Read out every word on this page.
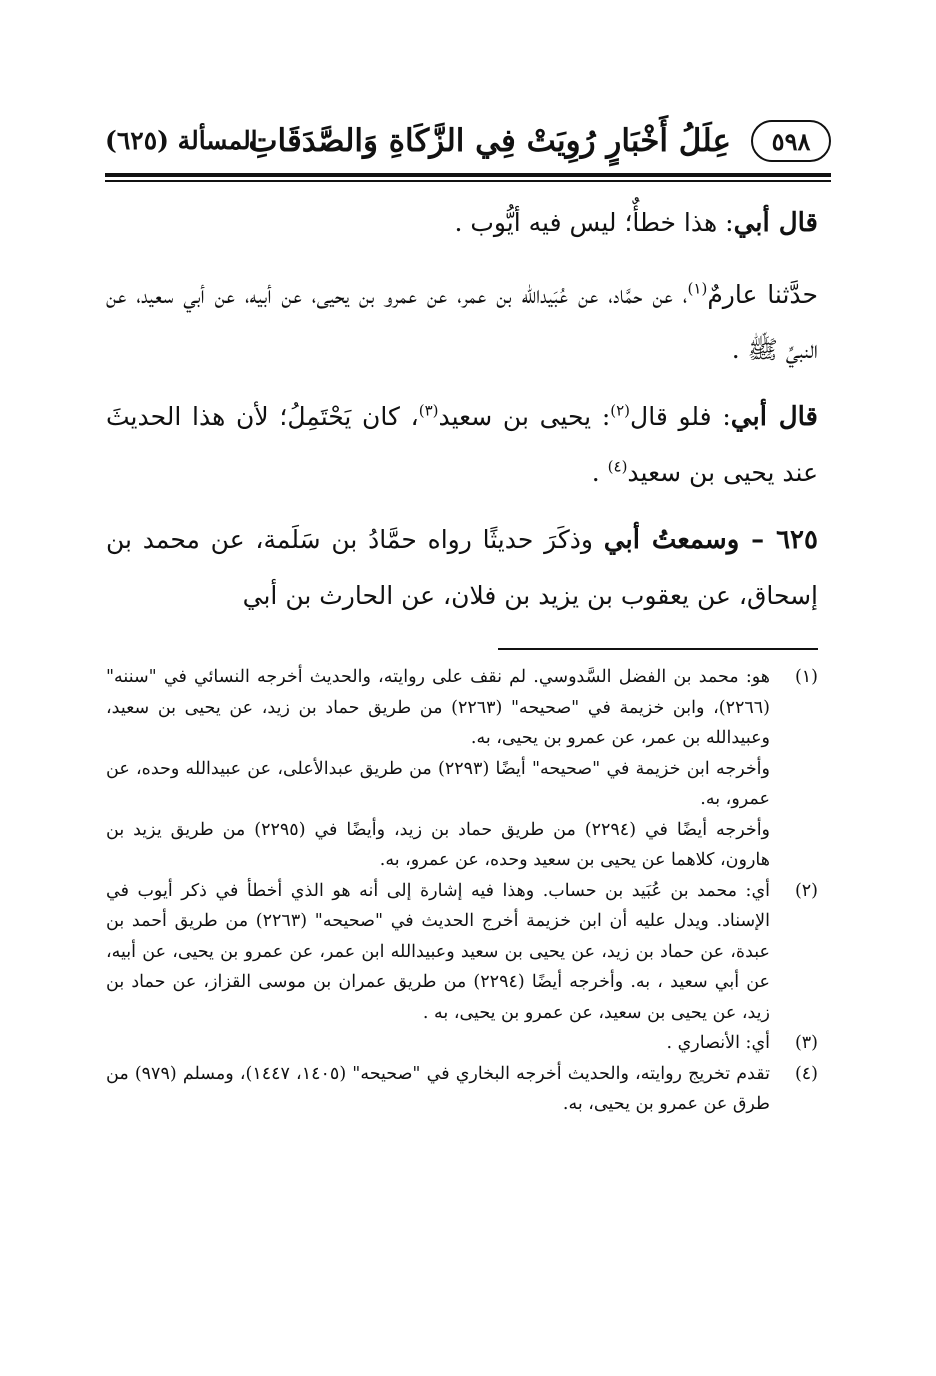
٥٩٨
عِلَلُ أَخْبَارٍ رُوِيَتْ فِي الزَّكَاةِ وَالصَّدَقَاتِ
المسألة (٦٢٥)

قال أبي: هذا خطأٌ؛ ليس فيه أيُّوب .

حدَّثنا عارمٌ$^{(١)}$، عن حمَّاد، عن عُبَيدالله بن عمر، عن عمرو بن يحيى، عن أبيه، عن أبي سعيد، عن النبيِّ ﷺ .

قال أبي: فلو قال$^{(٢)}$: يحيى بن سعيد$^{(٣)}$، كان يَحْتَمِلُ؛ لأن هذا الحديثَ عند يحيى بن سعيد$^{(٤)}$ .

٦٢٥ – وسمعتُ أبي وذكَرَ حديثًا رواه حمَّادُ بن سَلَمة، عن محمد بن إسحاق، عن يعقوب بن يزيد بن فلان، عن الحارث بن أبي

(١)
هو: محمد بن الفضل السَّدوسي. لم نقف على روايته، والحديث أخرجه النسائي في "سننه" (٢٢٦٦)، وابن خزيمة في "صحيحه" (٢٢٦٣) من طريق حماد بن زيد، عن يحيى بن سعيد، وعبيدالله بن عمر، عن عمرو بن يحيى، به.
وأخرجه ابن خزيمة في "صحيحه" أيضًا (٢٢٩٣) من طريق عبدالأعلى، عن عبيدالله وحده، عن عمرو، به.
وأخرجه أيضًا في (٢٢٩٤) من طريق حماد بن زيد، وأيضًا في (٢٢٩٥) من طريق يزيد بن هارون، كلاهما عن يحيى بن سعيد وحده، عن عمرو، به.
(٢)
أي: محمد بن عُبَيد بن حساب. وهذا فيه إشارة إلى أنه هو الذي أخطأ في ذكر أيوب في الإسناد. ويدل عليه أن ابن خزيمة أخرج الحديث في "صحيحه" (٢٢٦٣) من طريق أحمد بن عبدة، عن حماد بن زيد، عن يحيى بن سعيد وعبيدالله ابن عمر، عن عمرو بن يحيى، عن أبيه، عن أبي سعيد ، به. وأخرجه أيضًا (٢٢٩٤) من طريق عمران بن موسى القزاز، عن حماد بن زيد، عن يحيى بن سعيد، عن عمرو بن يحيى، به .
(٣)
أي: الأنصاري .
(٤)
تقدم تخريج روايته، والحديث أخرجه البخاري في "صحيحه" (١٤٠٥، ١٤٤٧)، ومسلم (٩٧٩) من طرق عن عمرو بن يحيى، به.
